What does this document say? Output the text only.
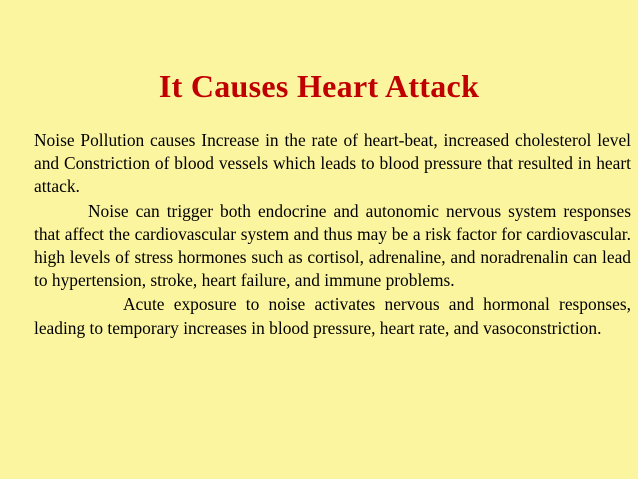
It Causes Heart Attack

Noise Pollution causes Increase in the rate of heart-beat, increased cholesterol level and Constriction of blood vessels which leads to blood pressure that resulted in heart attack.

Noise can trigger both endocrine and autonomic nervous system responses that affect the cardiovascular system and thus may be a risk factor for cardiovascular. high levels of stress hormones such as cortisol, adrenaline, and noradrenalin can lead to hypertension, stroke, heart failure, and immune problems.

Acute exposure to noise activates nervous and hormonal responses, leading to temporary increases in blood pressure, heart rate, and vasoconstriction.
